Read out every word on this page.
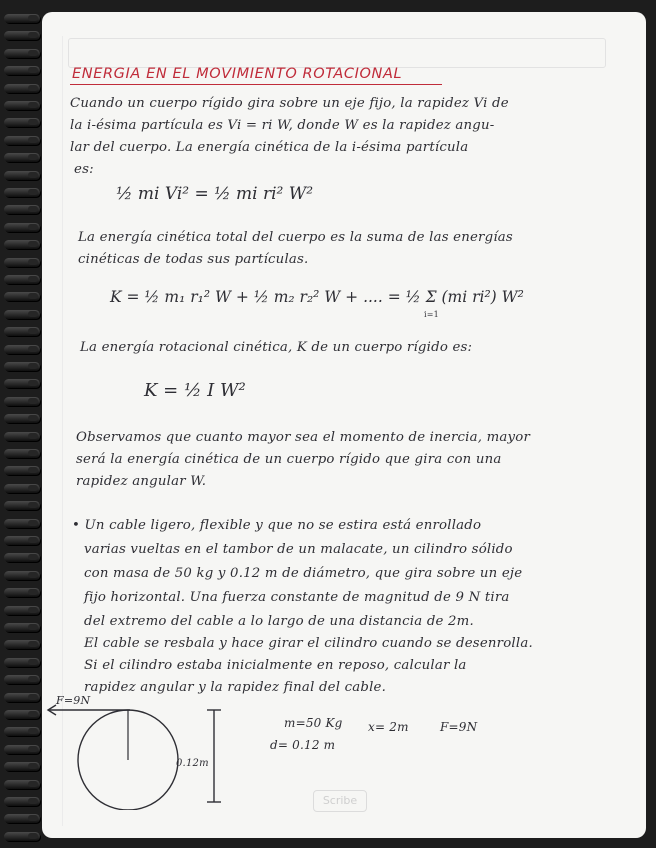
ENERGIA EN EL MOVIMIENTO ROTACIONAL
Cuando un cuerpo rígido gira sobre un eje fijo, la rapidez Vi de
la i-ésima partícula es Vi = ri W, donde W es la rapidez angu-
lar del cuerpo. La energía cinética de la i-ésima partícula
es:
½ mi Vi² = ½ mi ri² W²
La energía cinética total del cuerpo es la suma de las energías
cinéticas de todas sus partículas.
K = ½ m₁ r₁² W + ½ m₂ r₂² W + .... = ½ Σ (mi ri²) W²
i=1
La energía rotacional cinética, K de un cuerpo rígido es:
K = ½ I W²
Observamos que cuanto mayor sea el momento de inercia, mayor
será la energía cinética de un cuerpo rígido que gira con una
rapidez angular W.
• Un cable ligero, flexible y que no se estira está enrollado
varias vueltas en el tambor de un malacate, un cilindro sólido
con masa de 50 kg y 0.12 m de diámetro, que gira sobre un eje
fijo horizontal. Una fuerza constante de magnitud de 9 N tira
del extremo del cable a lo largo de una distancia de 2m.
El cable se resbala y hace girar el cilindro cuando se desenrolla.
Si el cilindro estaba inicialmente en reposo, calcular la
rapidez angular y la rapidez final del cable.
F=9N
0.12m
m=50 Kg x= 2m	F=9N
d= 0.12 m
Scribe
